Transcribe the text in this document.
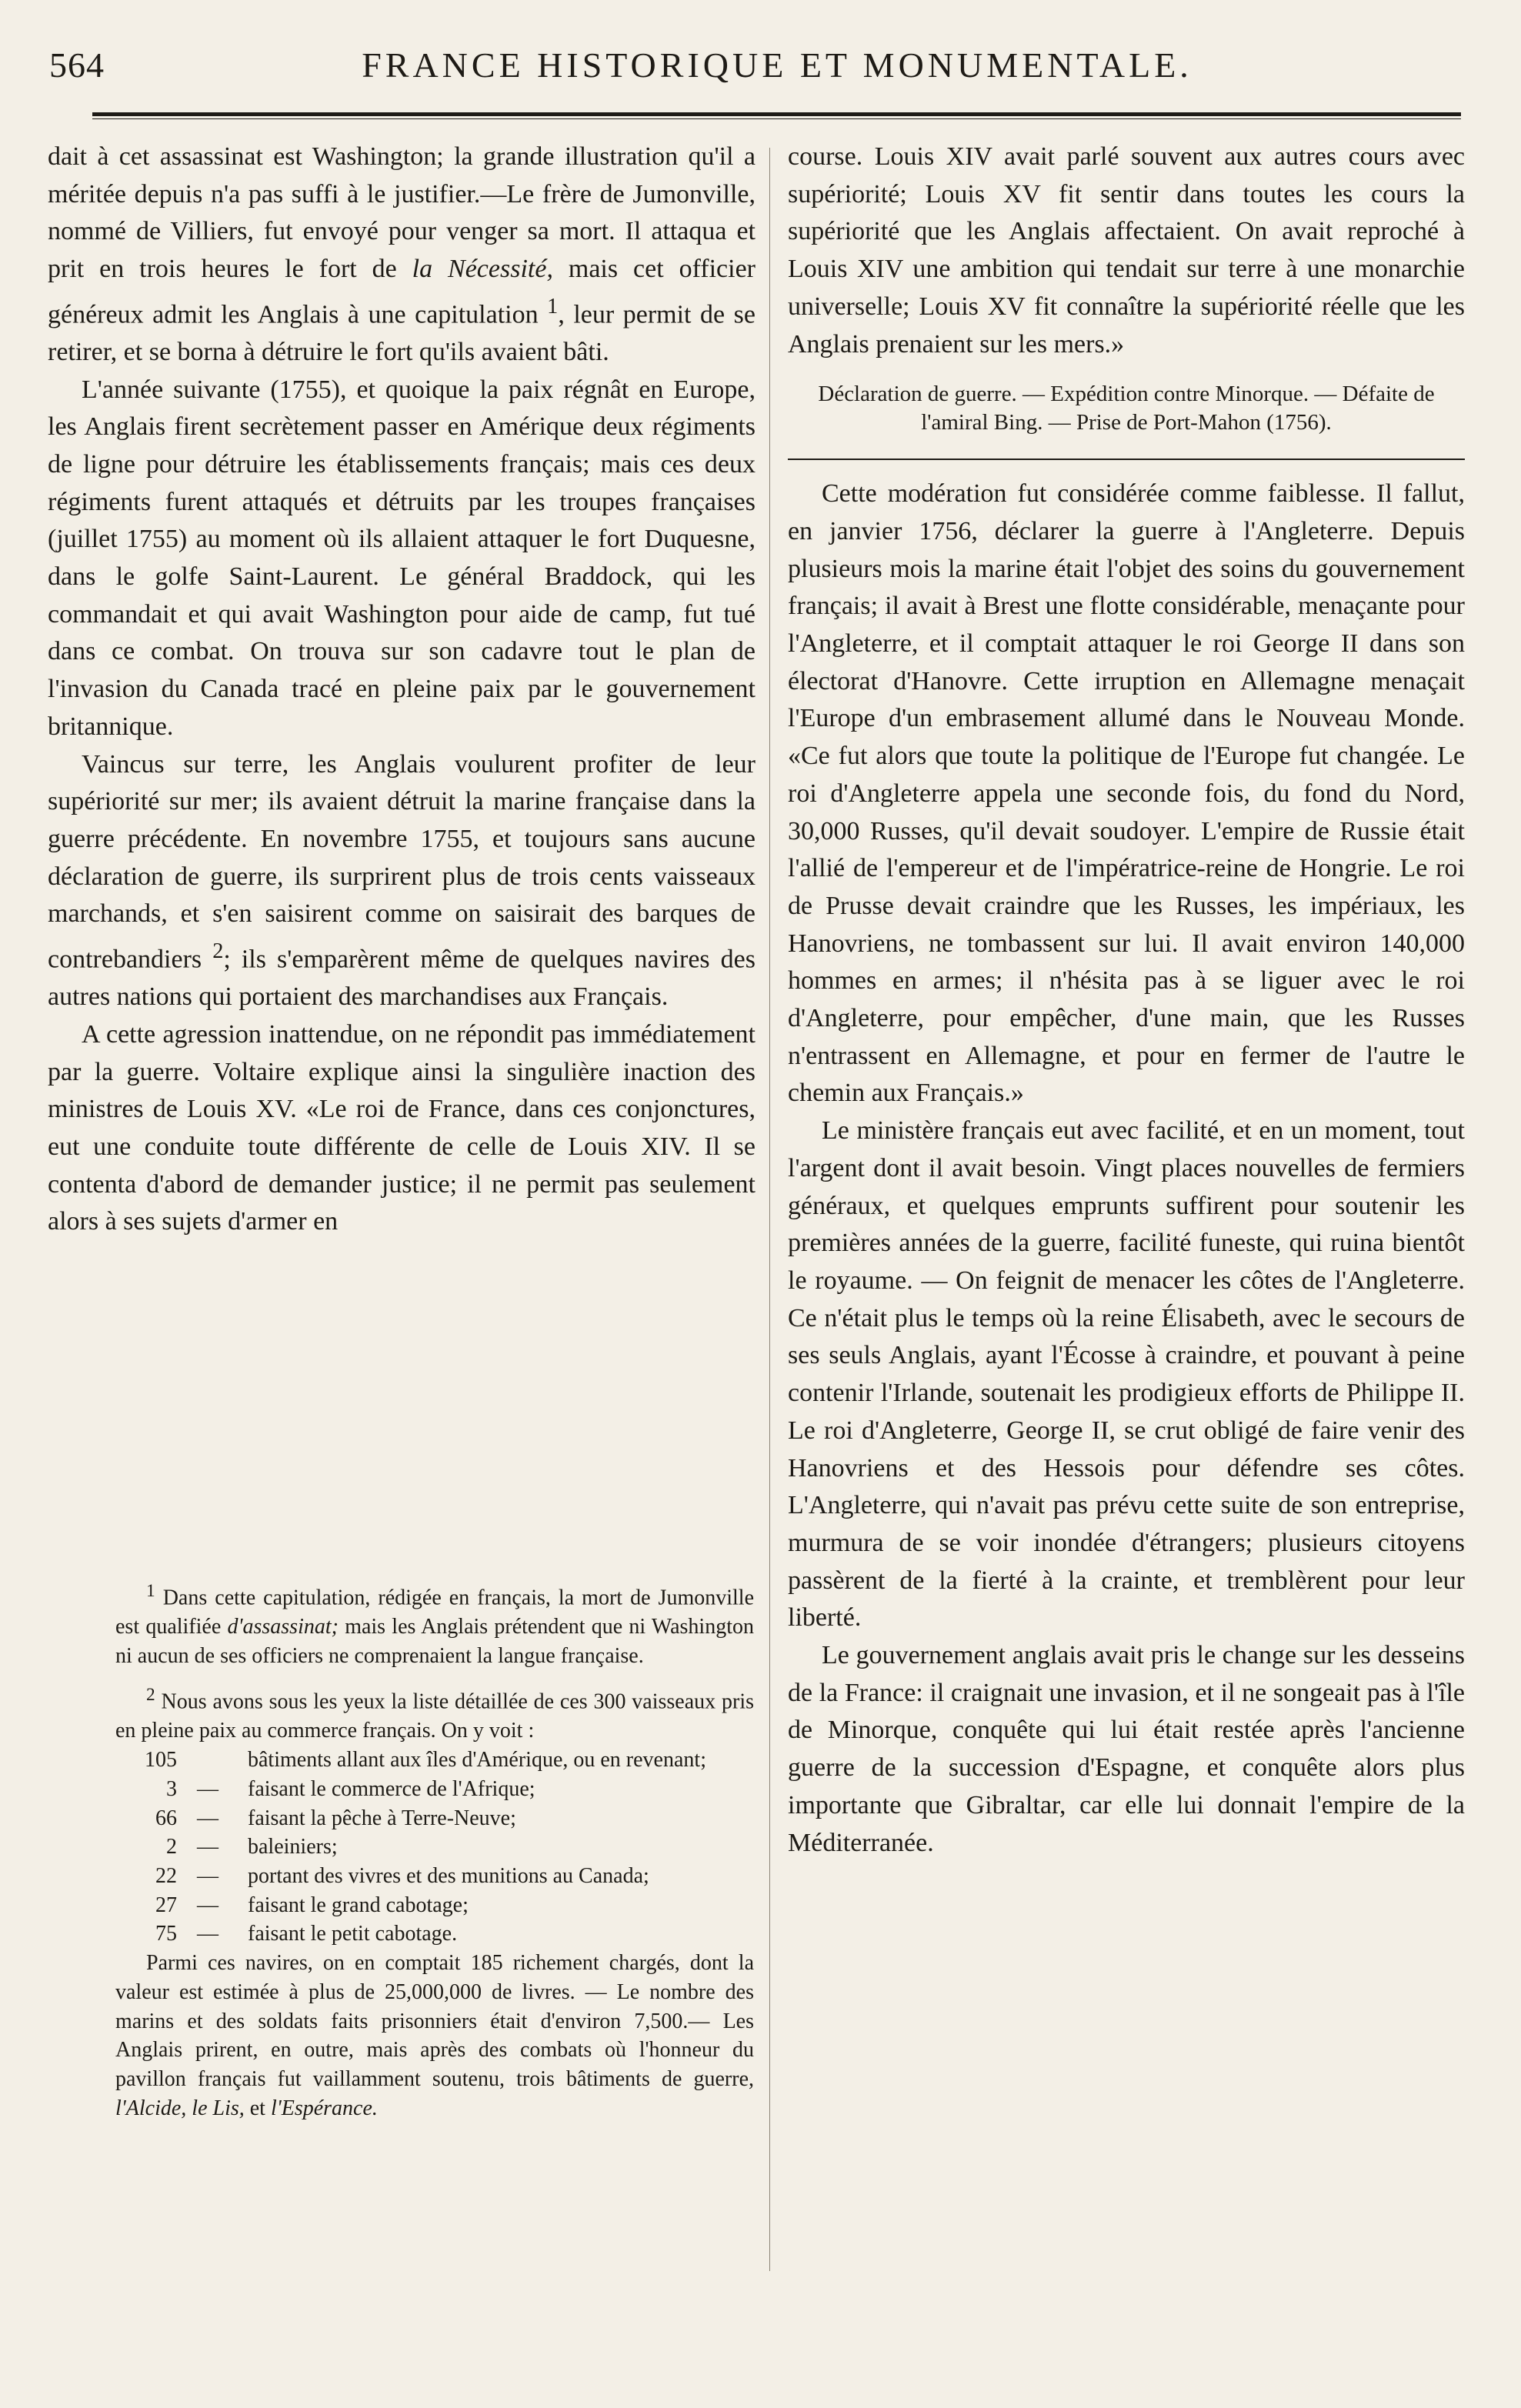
564	FRANCE HISTORIQUE ET MONUMENTALE.

dait à cet assassinat est Washington; la grande illustration qu'il a méritée depuis n'a pas suffi à le justifier.—Le frère de Jumonville, nommé de Villiers, fut envoyé pour venger sa mort. Il attaqua et prit en trois heures le fort de la Nécessité, mais cet officier généreux admit les Anglais à une capitulation $^1$, leur permit de se retirer, et se borna à détruire le fort qu'ils avaient bâti.

L'année suivante (1755), et quoique la paix régnât en Europe, les Anglais firent secrètement passer en Amérique deux régiments de ligne pour détruire les établissements français; mais ces deux régiments furent attaqués et détruits par les troupes françaises (juillet 1755) au moment où ils allaient attaquer le fort Duquesne, dans le golfe Saint-Laurent. Le général Braddock, qui les commandait et qui avait Washington pour aide de camp, fut tué dans ce combat. On trouva sur son cadavre tout le plan de l'invasion du Canada tracé en pleine paix par le gouvernement britannique.

Vaincus sur terre, les Anglais voulurent profiter de leur supériorité sur mer; ils avaient détruit la marine française dans la guerre précédente. En novembre 1755, et toujours sans aucune déclaration de guerre, ils surprirent plus de trois cents vaisseaux marchands, et s'en saisirent comme on saisirait des barques de contrebandiers $^2$; ils s'emparèrent même de quelques navires des autres nations qui portaient des marchandises aux Français.

A cette agression inattendue, on ne répondit pas immédiatement par la guerre. Voltaire explique ainsi la singulière inaction des ministres de Louis XV. «Le roi de France, dans ces conjonctures, eut une conduite toute différente de celle de Louis XIV. Il se contenta d'abord de demander justice; il ne permit pas seulement alors à ses sujets d'armer en

$^1$ Dans cette capitulation, rédigée en français, la mort de Jumonville est qualifiée d'assassinat; mais les Anglais prétendent que ni Washington ni aucun de ses officiers ne comprenaient la langue française.

$^2$ Nous avons sous les yeux la liste détaillée de ces 300 vaisseaux pris en pleine paix au commerce français. On y voit :

105	bâtiments allant aux îles d'Amérique, ou en revenant;
3 —	faisant le commerce de l'Afrique;
66 —	faisant la pêche à Terre-Neuve;
2 —	baleiniers;
22 —	portant des vivres et des munitions au Canada;
27 —	faisant le grand cabotage;
75 —	faisant le petit cabotage.

Parmi ces navires, on en comptait 185 richement chargés, dont la valeur est estimée à plus de 25,000,000 de livres. — Le nombre des marins et des soldats faits prisonniers était d'environ 7,500.— Les Anglais prirent, en outre, mais après des combats où l'honneur du pavillon français fut vaillamment soutenu, trois bâtiments de guerre, l'Alcide, le Lis, et l'Espérance.

course. Louis XIV avait parlé souvent aux autres cours avec supériorité; Louis XV fit sentir dans toutes les cours la supériorité que les Anglais affectaient. On avait reproché à Louis XIV une ambition qui tendait sur terre à une monarchie universelle; Louis XV fit connaître la supériorité réelle que les Anglais prenaient sur les mers.»

Déclaration de guerre. — Expédition contre Minorque. — Défaite de l'amiral Bing. — Prise de Port-Mahon (1756).

Cette modération fut considérée comme faiblesse. Il fallut, en janvier 1756, déclarer la guerre à l'Angleterre. Depuis plusieurs mois la marine était l'objet des soins du gouvernement français; il avait à Brest une flotte considérable, menaçante pour l'Angleterre, et il comptait attaquer le roi George II dans son électorat d'Hanovre. Cette irruption en Allemagne menaçait l'Europe d'un embrasement allumé dans le Nouveau Monde. «Ce fut alors que toute la politique de l'Europe fut changée. Le roi d'Angleterre appela une seconde fois, du fond du Nord, 30,000 Russes, qu'il devait soudoyer. L'empire de Russie était l'allié de l'empereur et de l'impératrice-reine de Hongrie. Le roi de Prusse devait craindre que les Russes, les impériaux, les Hanovriens, ne tombassent sur lui. Il avait environ 140,000 hommes en armes; il n'hésita pas à se liguer avec le roi d'Angleterre, pour empêcher, d'une main, que les Russes n'entrassent en Allemagne, et pour en fermer de l'autre le chemin aux Français.»

Le ministère français eut avec facilité, et en un moment, tout l'argent dont il avait besoin. Vingt places nouvelles de fermiers généraux, et quelques emprunts suffirent pour soutenir les premières années de la guerre, facilité funeste, qui ruina bientôt le royaume. — On feignit de menacer les côtes de l'Angleterre. Ce n'était plus le temps où la reine Élisabeth, avec le secours de ses seuls Anglais, ayant l'Écosse à craindre, et pouvant à peine contenir l'Irlande, soutenait les prodigieux efforts de Philippe II. Le roi d'Angleterre, George II, se crut obligé de faire venir des Hanovriens et des Hessois pour défendre ses côtes. L'Angleterre, qui n'avait pas prévu cette suite de son entreprise, murmura de se voir inondée d'étrangers; plusieurs citoyens passèrent de la fierté à la crainte, et tremblèrent pour leur liberté.

Le gouvernement anglais avait pris le change sur les desseins de la France: il craignait une invasion, et il ne songeait pas à l'île de Minorque, conquête qui lui était restée après l'ancienne guerre de la succession d'Espagne, et conquête alors plus importante que Gibraltar, car elle lui donnait l'empire de la Méditerranée.
